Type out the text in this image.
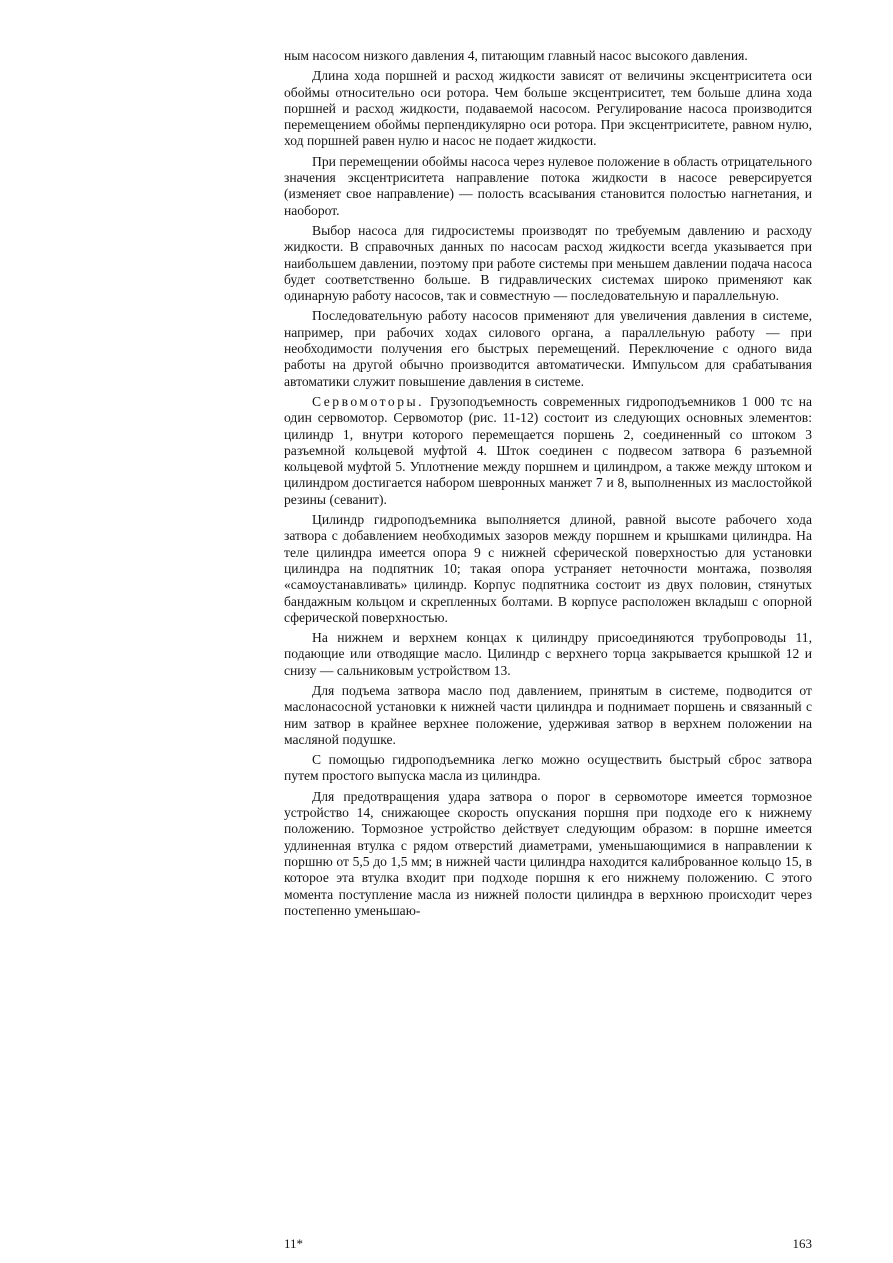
ным насосом низкого давления 4, питающим главный насос высокого давления.

Длина хода поршней и расход жидкости зависят от величины эксцентриситета оси обоймы относительно оси ротора. Чем больше эксцентриситет, тем больше длина хода поршней и расход жидкости, подаваемой насосом. Регулирование насоса производится перемещением обоймы перпендикулярно оси ротора. При эксцентриситете, равном нулю, ход поршней равен нулю и насос не подает жидкости.

При перемещении обоймы насоса через нулевое положение в область отрицательного значения эксцентриситета направление потока жидкости в насосе реверсируется (изменяет свое направление) — полость всасывания становится полостью нагнетания, и наоборот.

Выбор насоса для гидросистемы производят по требуемым давлению и расходу жидкости. В справочных данных по насосам расход жидкости всегда указывается при наибольшем давлении, поэтому при работе системы при меньшем давлении подача насоса будет соответственно больше. В гидравлических системах широко применяют как одинарную работу насосов, так и совместную — последовательную и параллельную.

Последовательную работу насосов применяют для увеличения давления в системе, например, при рабочих ходах силового органа, а параллельную работу — при необходимости получения его быстрых перемещений. Переключение с одного вида работы на другой обычно производится автоматически. Импульсом для срабатывания автоматики служит повышение давления в системе.

Сервомоторы. Грузоподъемность современных гидроподъемников 1 000 тс на один сервомотор. Сервомотор (рис. 11-12) состоит из следующих основных элементов: цилиндр 1, внутри которого перемещается поршень 2, соединенный со штоком 3 разъемной кольцевой муфтой 4. Шток соединен с подвесом затвора 6 разъемной кольцевой муфтой 5. Уплотнение между поршнем и цилиндром, а также между штоком и цилиндром достигается набором шевронных манжет 7 и 8, выполненных из маслостойкой резины (севанит).

Цилиндр гидроподъемника выполняется длиной, равной высоте рабочего хода затвора с добавлением необходимых зазоров между поршнем и крышками цилиндра. На теле цилиндра имеется опора 9 с нижней сферической поверхностью для установки цилиндра на подпятник 10; такая опора устраняет неточности монтажа, позволяя «самоустанавливать» цилиндр. Корпус подпятника состоит из двух половин, стянутых бандажным кольцом и скрепленных болтами. В корпусе расположен вкладыш с опорной сферической поверхностью.

На нижнем и верхнем концах к цилиндру присоединяются трубопроводы 11, подающие или отводящие масло. Цилиндр с верхнего торца закрывается крышкой 12 и снизу — сальниковым устройством 13.

Для подъема затвора масло под давлением, принятым в системе, подводится от маслонасосной установки к нижней части цилиндра и поднимает поршень и связанный с ним затвор в крайнее верхнее положение, удерживая затвор в верхнем положении на масляной подушке.

С помощью гидроподъемника легко можно осуществить быстрый сброс затвора путем простого выпуска масла из цилиндра.

Для предотвращения удара затвора о порог в сервомоторе имеется тормозное устройство 14, снижающее скорость опускания поршня при подходе его к нижнему положению. Тормозное устройство действует следующим образом: в поршне имеется удлиненная втулка с рядом отверстий диаметрами, уменьшающимися в направлении к поршню от 5,5 до 1,5 мм; в нижней части цилиндра находится калиброванное кольцо 15, в которое эта втулка входит при подходе поршня к его нижнему положению. С этого момента поступление масла из нижней полости цилиндра в верхнюю происходит через постепенно уменьшаю-

11*	163
